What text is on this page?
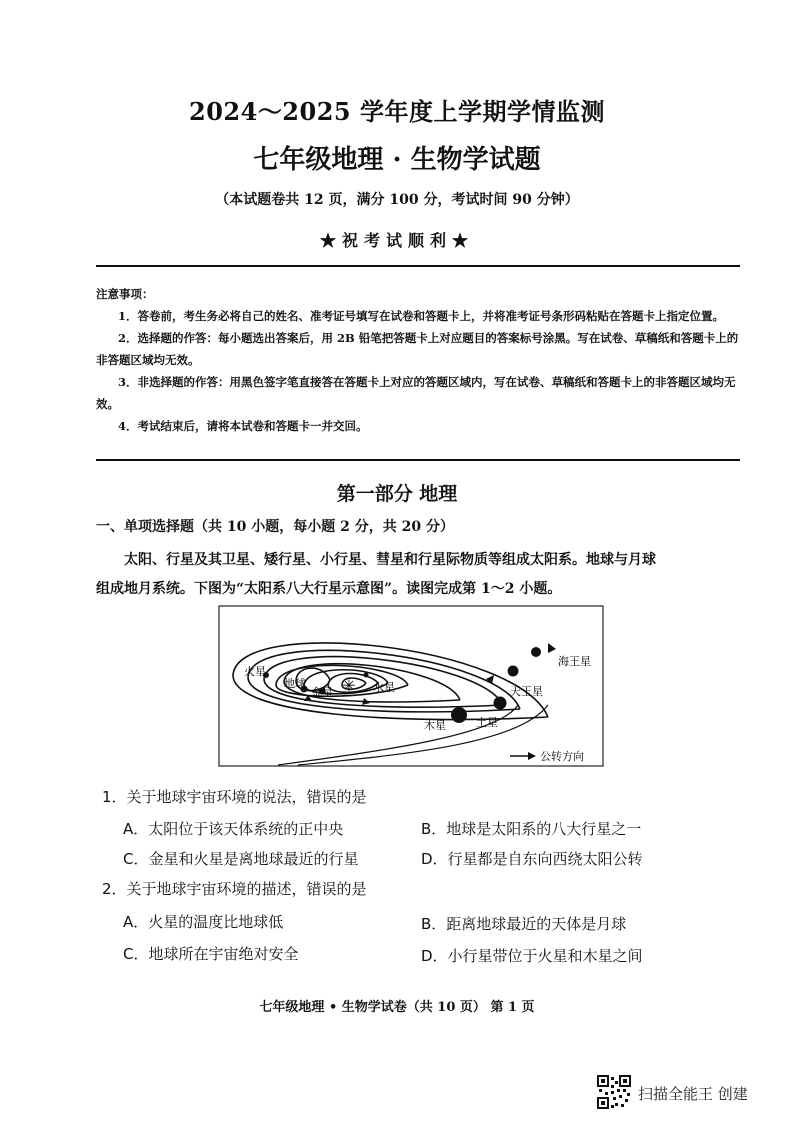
2024～2025 学年度上学期学情监测
七年级地理 · 生物学试题
（本试题卷共 12 页，满分 100 分，考试时间 90 分钟）
★祝考试顺利★

注意事项：

1．答卷前，考生务必将自己的姓名、准考证号填写在试卷和答题卡上，并将准考证号条形码粘贴在答题卡上指定位置。

2．选择题的作答：每小题选出答案后，用 2B 铅笔把答题卡上对应题目的答案标号涂黑。写在试卷、草稿纸和答题卡上的非答题区域均无效。

3．非选择题的作答：用黑色签字笔直接答在答题卡上对应的答题区域内，写在试卷、草稿纸和答题卡上的非答题区域均无效。

4．考试结束后，请将本试卷和答题卡一并交回。

第一部分 地理
一、单项选择题（共 10 小题，每小题 2 分，共 20 分）

太阳、行星及其卫星、矮行星、小行星、彗星和行星际物质等组成太阳系。地球与月球

组成地月系统。下图为“太阳系八大行星示意图”。读图完成第 1～2 小题。

✳
火星
地球
金星	水星
木星	土星
天王星
海王星
公转方向
1．关于地球宇宙环境的说法，错误的是
A．太阳位于该天体系统的正中央	B．地球是太阳系的八大行星之一
C．金星和火星是离地球最近的行星	D．行星都是自东向西绕太阳公转
2．关于地球宇宙环境的描述，错误的是
A．火星的温度比地球低	B．距离地球最近的天体是月球
C．地球所在宇宙绝对安全	D．小行星带位于火星和木星之间
七年级地理 • 生物学试卷（共 10 页） 第 1 页
扫描全能王 创建
